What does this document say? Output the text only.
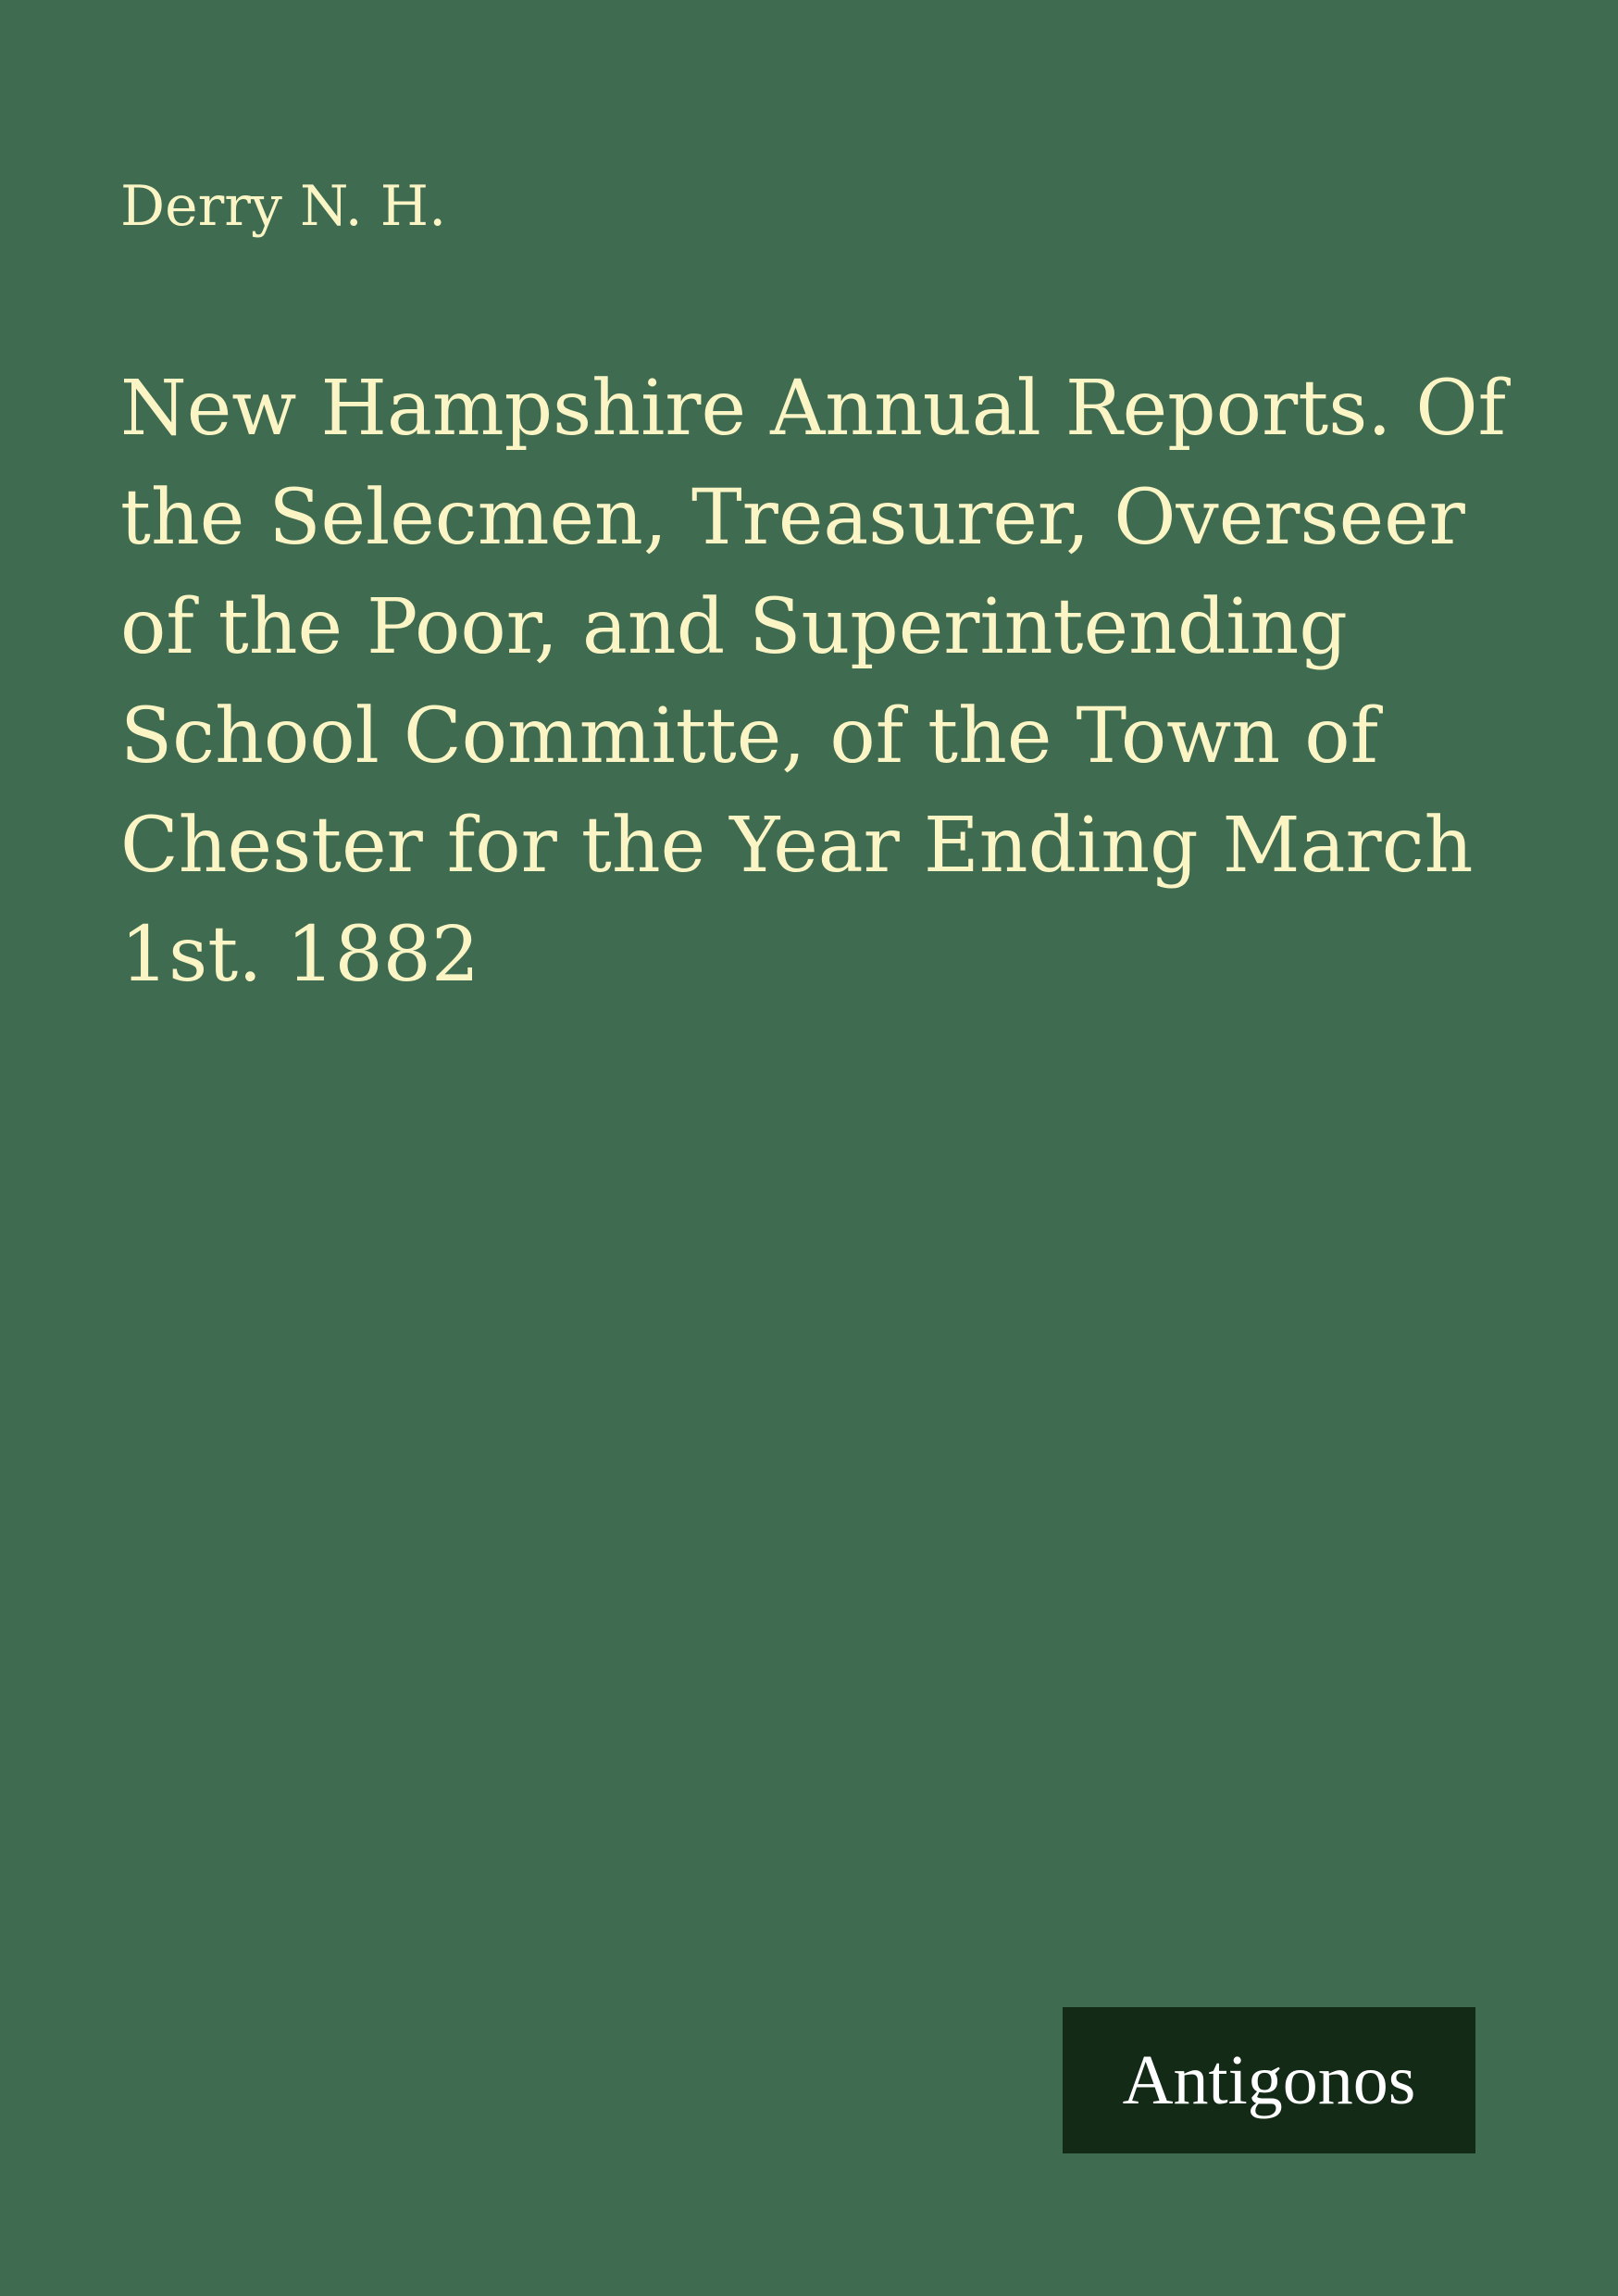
Derry N. H.
New Hampshire Annual Reports. Of the Selecmen, Treasurer, Overseer of the Poor, and Superintending School Committe, of the Town of Chester for the Year Ending March 1st. 1882
Antigonos
